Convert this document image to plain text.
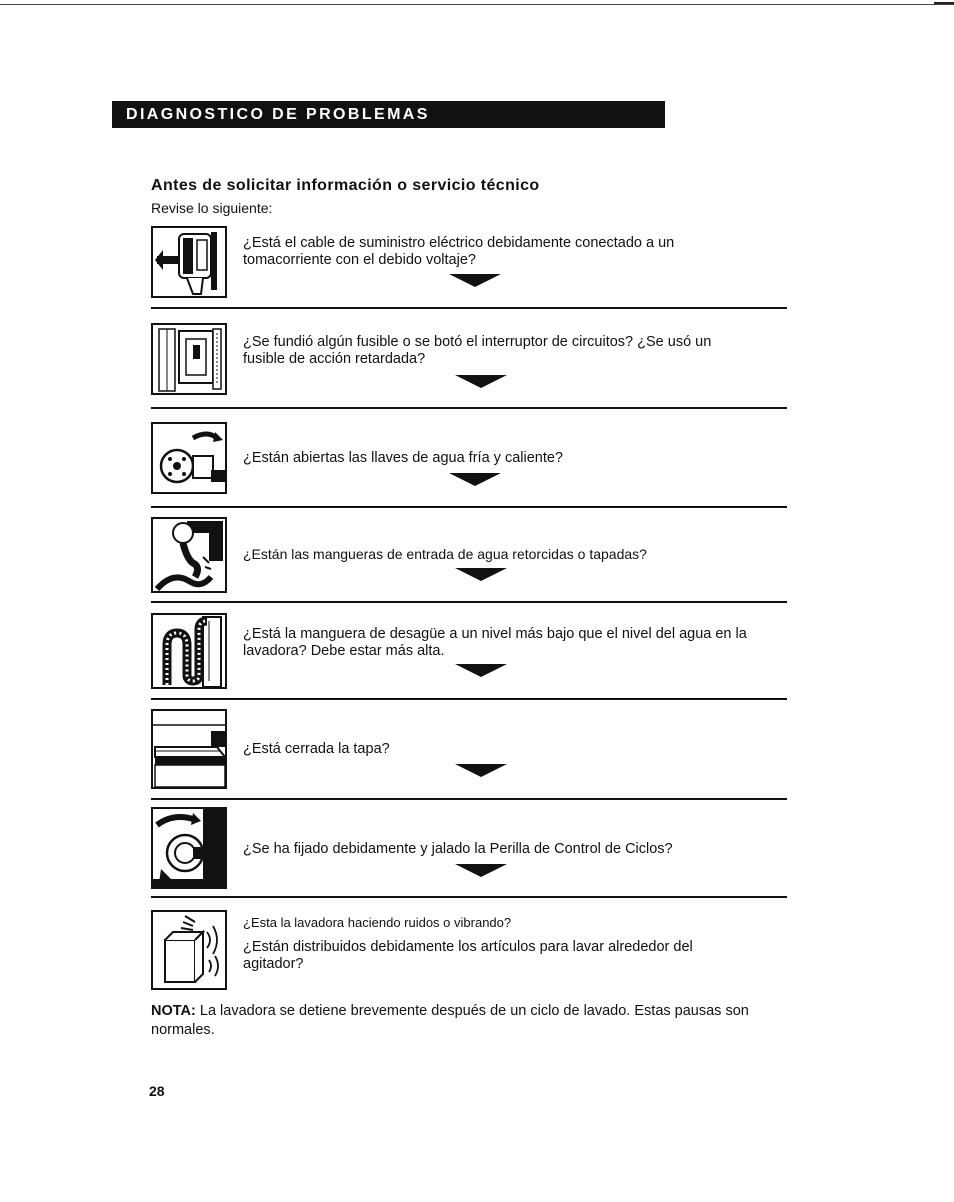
DIAGNOSTICO DE PROBLEMAS
Antes de solicitar información o servicio técnico
Revise lo siguiente:
¿Está el cable de suministro eléctrico debidamente conectado a un
tomacorriente con el debido voltaje?
¿Se fundió algún fusible o se botó el interruptor de circuitos? ¿Se usó un
fusible de acción retardada?
¿Están abiertas las llaves de agua fría y caliente?
¿Están las mangueras de entrada de agua retorcidas o tapadas?
¿Está la manguera de desagüe a un nivel más bajo que el nivel del agua en la
lavadora? Debe estar más alta.
¿Está cerrada la tapa?
¿Se ha fijado debidamente y jalado la Perilla de Control de Ciclos?
¿Esta la lavadora haciendo ruidos o vibrando?
¿Están distribuidos debidamente los artículos para lavar alrededor del
agitador?
NOTA: La lavadora se detiene brevemente después de un ciclo de lavado. Estas pausas son normales.
28
